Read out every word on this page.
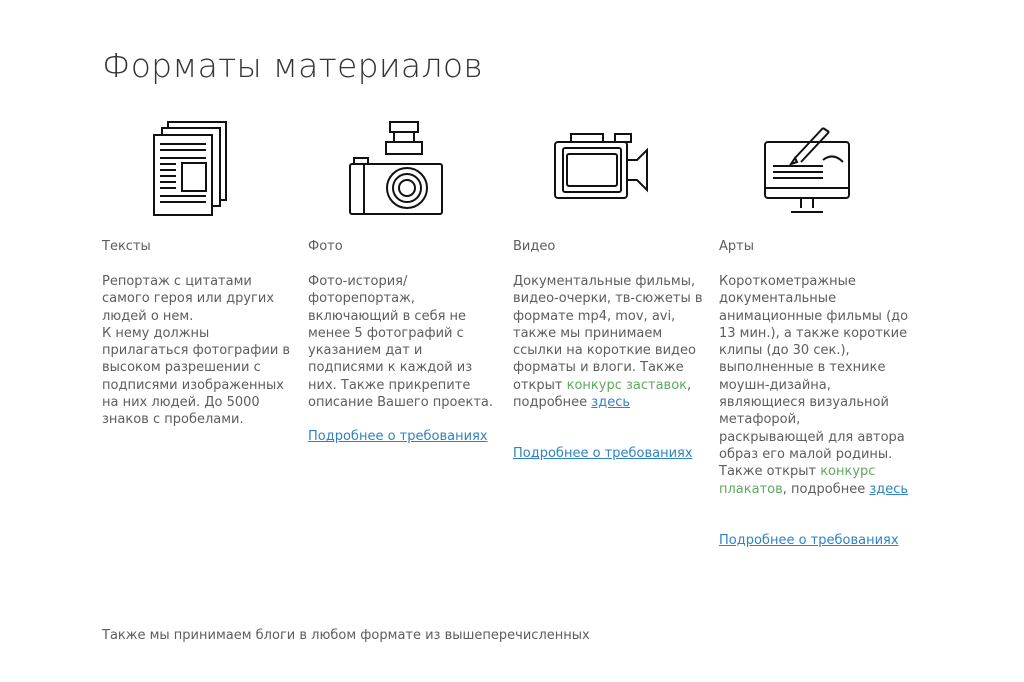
Форматы материалов
Тексты
Репортаж с цитатами самого героя или других людей о нем.
К нему должны прилагаться фотографии в высоком разрешении с подписями изображенных на них людей. До 5000 знаков с пробелами.
Фото
Фото-история/ фоторепортаж, включающий в себя не менее 5 фотографий с указанием дат и подписями к каждой из них. Также прикрепите описание Вашего проекта.
Подробнее о требованиях
Видео
Документальные фильмы, видео-очерки, тв-сюжеты в формате mp4, mov, avi, также мы принимаем ссылки на короткие видео форматы и влоги. Также открыт конкурс заставок, подробнее здесь
Подробнее о требованиях
Арты
Короткометражные документальные анимационные фильмы (до 13 мин.), а также короткие клипы (до 30 сек.), выполненные в технике моушн-дизайна, являющиеся визуальной метафорой, раскрывающей для автора образ его малой родины. Также открыт конкурс плакатов, подробнее здесь
Подробнее о требованиях
Также мы принимаем блоги в любом формате из вышеперечисленных
